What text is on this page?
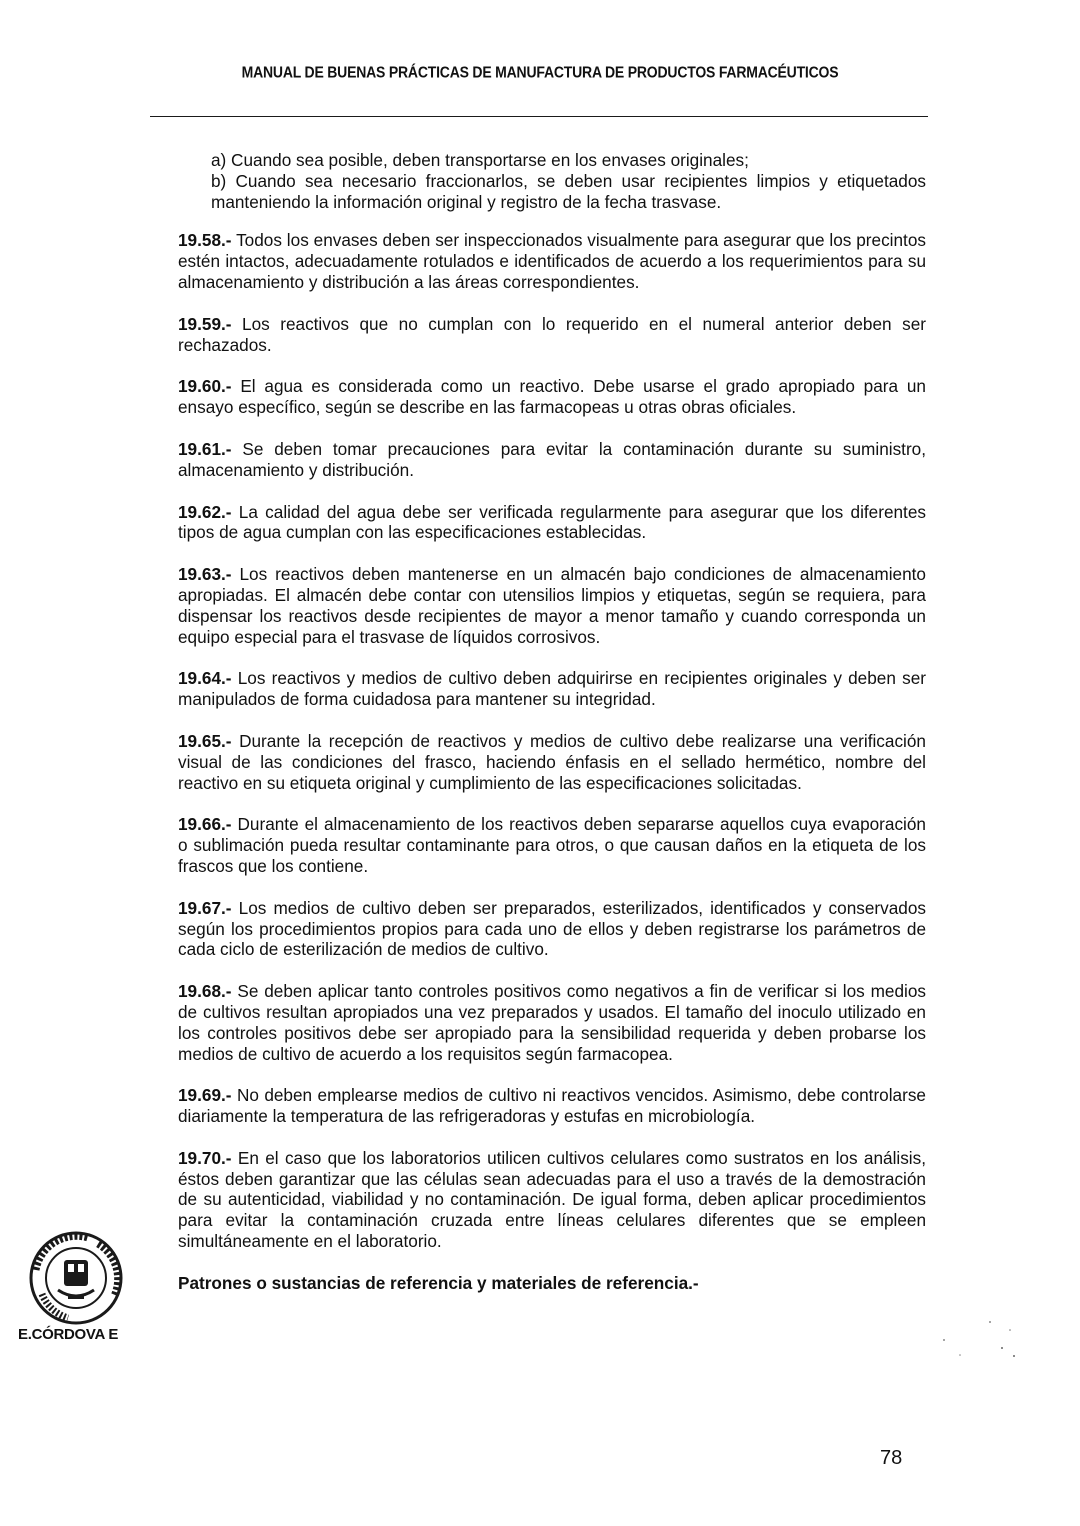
MANUAL DE BUENAS PRÁCTICAS DE MANUFACTURA DE PRODUCTOS FARMACÉUTICOS

a) Cuando sea posible, deben transportarse en los envases originales;

b) Cuando sea necesario fraccionarlos, se deben usar recipientes limpios y etiquetados manteniendo la información original y registro de la fecha trasvase.

19.58.- Todos los envases deben ser inspeccionados visualmente para asegurar que los precintos estén intactos, adecuadamente rotulados e identificados de acuerdo a los requerimientos para su almacenamiento y distribución a las áreas correspondientes.

19.59.- Los reactivos que no cumplan con lo requerido en el numeral anterior deben ser rechazados.

19.60.- El agua es considerada como un reactivo. Debe usarse el grado apropiado para un ensayo específico, según se describe en las farmacopeas u otras obras oficiales.

19.61.- Se deben tomar precauciones para evitar la contaminación durante su suministro, almacenamiento y distribución.

19.62.- La calidad del agua debe ser verificada regularmente para asegurar que los diferentes tipos de agua cumplan con las especificaciones establecidas.

19.63.- Los reactivos deben mantenerse en un almacén bajo condiciones de almacenamiento apropiadas. El almacén debe contar con utensilios limpios y etiquetas, según se requiera, para dispensar los reactivos desde recipientes de mayor a menor tamaño y cuando corresponda un equipo especial para el trasvase de líquidos corrosivos.

19.64.- Los reactivos y medios de cultivo deben adquirirse en recipientes originales y deben ser manipulados de forma cuidadosa para mantener su integridad.

19.65.- Durante la recepción de reactivos y medios de cultivo debe realizarse una verificación visual de las condiciones del frasco, haciendo énfasis en el sellado hermético, nombre del reactivo en su etiqueta original y cumplimiento de las especificaciones solicitadas.

19.66.- Durante el almacenamiento de los reactivos deben separarse aquellos cuya evaporación o sublimación pueda resultar contaminante para otros, o que causan daños en la etiqueta de los frascos que los contiene.

19.67.- Los medios de cultivo deben ser preparados, esterilizados, identificados y conservados según los procedimientos propios para cada uno de ellos y deben registrarse los parámetros de cada ciclo de esterilización de medios de cultivo.

19.68.- Se deben aplicar tanto controles positivos como negativos a fin de verificar si los medios de cultivos resultan apropiados una vez preparados y usados. El tamaño del inoculo utilizado en los controles positivos debe ser apropiado para la sensibilidad requerida y deben probarse los medios de cultivo de acuerdo a los requisitos según farmacopea.

19.69.- No deben emplearse medios de cultivo ni reactivos vencidos. Asimismo, debe controlarse diariamente la temperatura de las refrigeradoras y estufas en microbiología.

19.70.- En el caso que los laboratorios utilicen cultivos celulares como sustratos en los análisis, éstos deben garantizar que las células sean adecuadas para el uso a través de la demostración de su autenticidad, viabilidad y no contaminación. De igual forma, deben aplicar procedimientos para evitar la contaminación cruzada entre líneas celulares diferentes que se empleen simultáneamente en el laboratorio.

Patrones o sustancias de referencia y materiales de referencia.-
E.CÓRDOVA E
78
